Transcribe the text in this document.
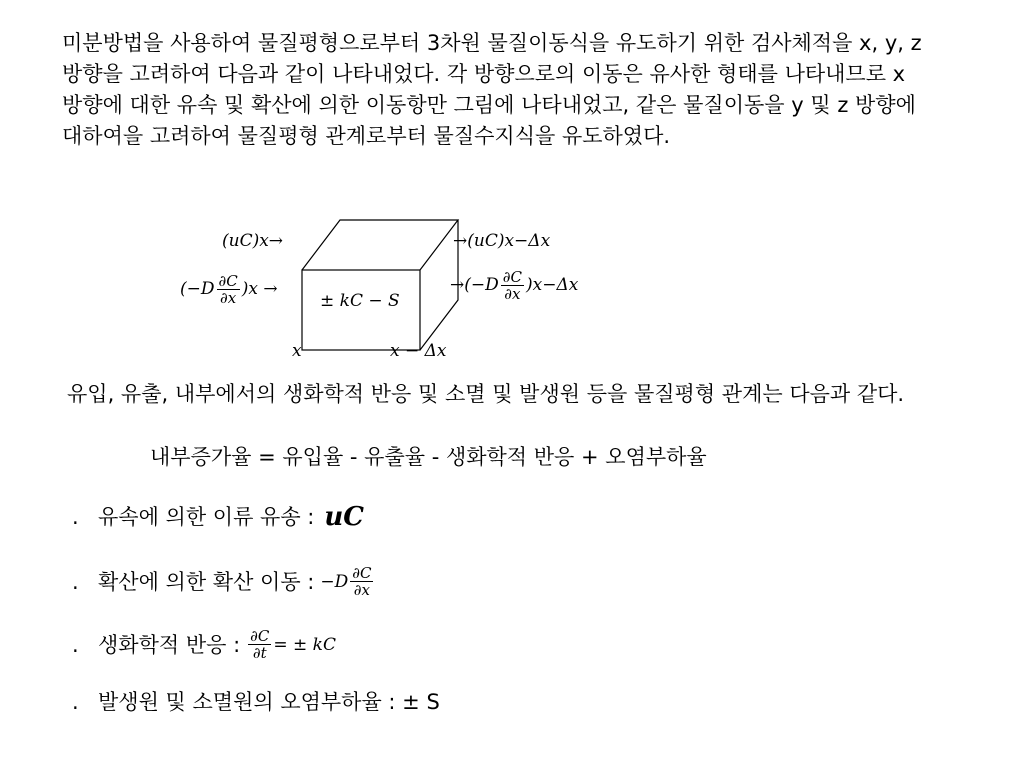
미분방법을 사용하여 물질평형으로부터 3차원 물질이동식을 유도하기 위한 검사체적을 x, y, z 방향을 고려하여 다음과 같이 나타내었다. 각 방향으로의 이동은 유사한 형태를 나타내므로 x 방향에 대한 유속 및 확산에 의한 이동항만 그림에 나타내었고, 같은 물질이동을 y 및 z 방향에 대하여을 고려하여 물질평형 관계로부터 물질수지식을 유도하였다.

(uC)x→
$(-D \frac{\partial C}{\partial x} )x$ →
± kC − S
→(uC)x−Δx
$\to(-D \frac{\partial C}{\partial x} )x-\Delta x$
x	x − Δx

유입, 유출, 내부에서의 생화학적 반응 및 소멸 및 발생원 등을 물질평형 관계는 다음과 같다.

내부증가율 = 유입율 - 유출율 - 생화학적 반응 + 오염부하율
. 유속에 의한 이류 유송 : uC
. 확산에 의한 확산 이동 : $-D \frac{\partial C}{\partial x}$
. 생화학적 반응 : $\frac{\partial C}{\partial t}$ = ± kC
. 발생원 및 소멸원의 오염부하율 : ± S
